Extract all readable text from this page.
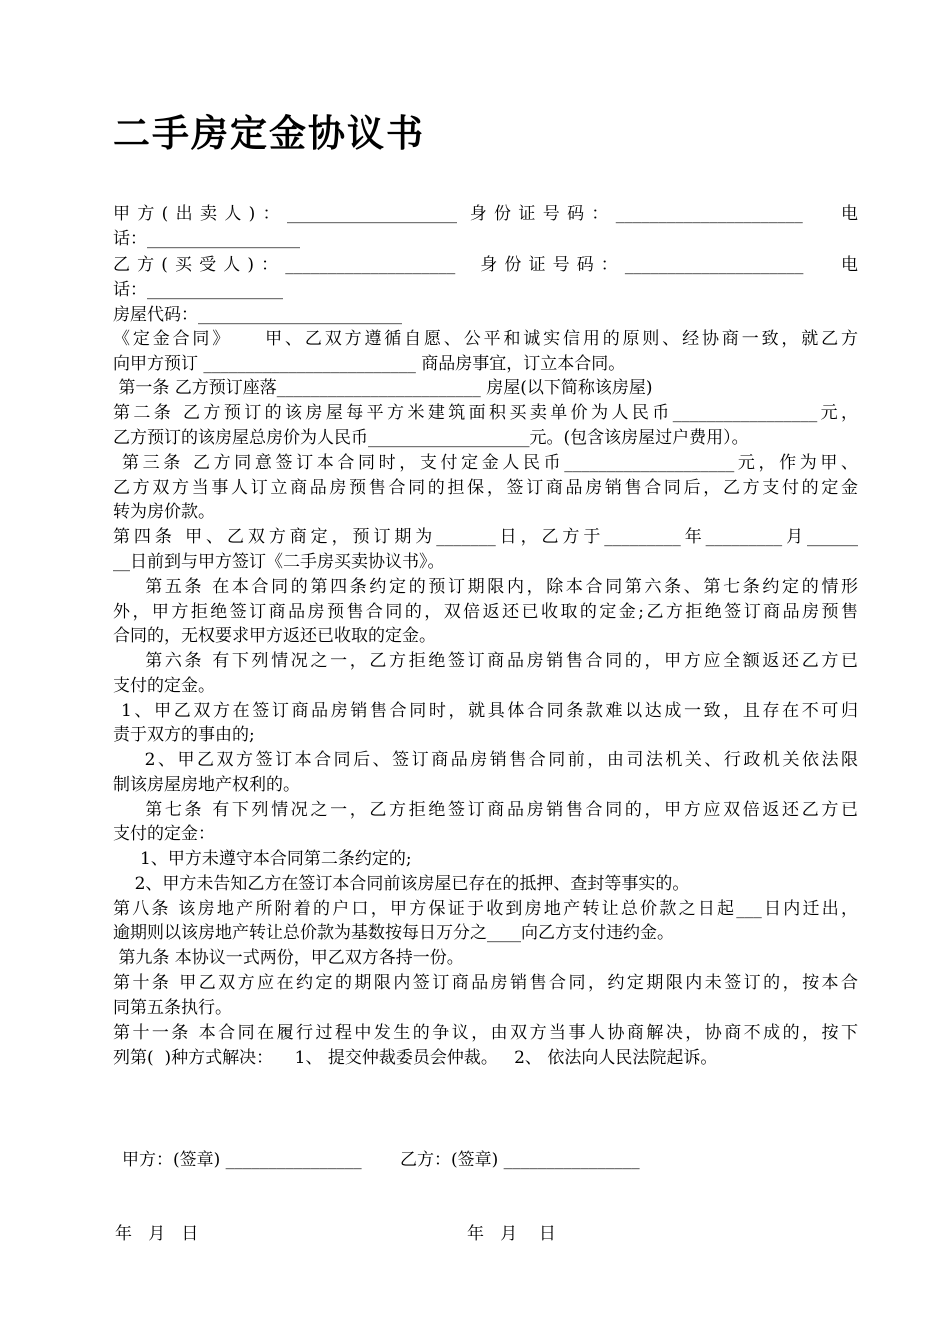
二手房定金协议书
甲方(出卖人)：____________________ 身份证号码：______________________   电
话：__________________
乙方(买受人)：____________________  身份证号码：_____________________   电
话：________________
房屋代码：________________________
《定金合同》    甲、乙双方遵循自愿、公平和诚实信用的原则、经协商一致，就乙方
向甲方预订 _________________________ 商品房事宜，订立本合同。
第一条 乙方预订座落________________________ 房屋(以下简称该房屋)
第二条 乙方预订的该房屋每平方米建筑面积买卖单价为人民币_________________元，
乙方预订的该房屋总房价为人民币___________________元。(包含该房屋过户费用）。
第三条 乙方同意签订本合同时，支付定金人民币____________________元，作为甲、
乙方双方当事人订立商品房预售合同的担保，签订商品房销售合同后，乙方支付的定金
转为房价款。
第四条 甲、乙双方商定，预订期为_______日，乙方于_________年_________月______
__日前到与甲方签订《二手房买卖协议书》。
第五条 在本合同的第四条约定的预订期限内，除本合同第六条、第七条约定的情形
外，甲方拒绝签订商品房预售合同的，双倍返还已收取的定金;乙方拒绝签订商品房预售
合同的，无权要求甲方返还已收取的定金。
第六条 有下列情况之一，乙方拒绝签订商品房销售合同的，甲方应全额返还乙方已
支付的定金。
1、甲乙双方在签订商品房销售合同时，就具体合同条款难以达成一致，且存在不可归
责于双方的事由的;
2、甲乙双方签订本合同后、签订商品房销售合同前，由司法机关、行政机关依法限
制该房屋房地产权利的。
第七条 有下列情况之一，乙方拒绝签订商品房销售合同的，甲方应双倍返还乙方已
支付的定金：
1、甲方未遵守本合同第二条约定的;
2、甲方未告知乙方在签订本合同前该房屋已存在的抵押、查封等事实的。
第八条 该房地产所附着的户口，甲方保证于收到房地产转让总价款之日起___日内迁出，
逾期则以该房地产转让总价款为基数按每日万分之____向乙方支付违约金。
第九条 本协议一式两份，甲乙双方各持一份。
第十条 甲乙双方应在约定的期限内签订商品房销售合同，约定期限内未签订的，按本合
同第五条执行。
第十一条 本合同在履行过程中发生的争议，由双方当事人协商解决，协商不成的，按下
列第(  )种方式解决：    1、 提交仲裁委员会仲裁。   2、 依法向人民法院起诉。
甲方：(签章) ________________ 乙方：(签章) ________________
年   月   日	年   月    日
